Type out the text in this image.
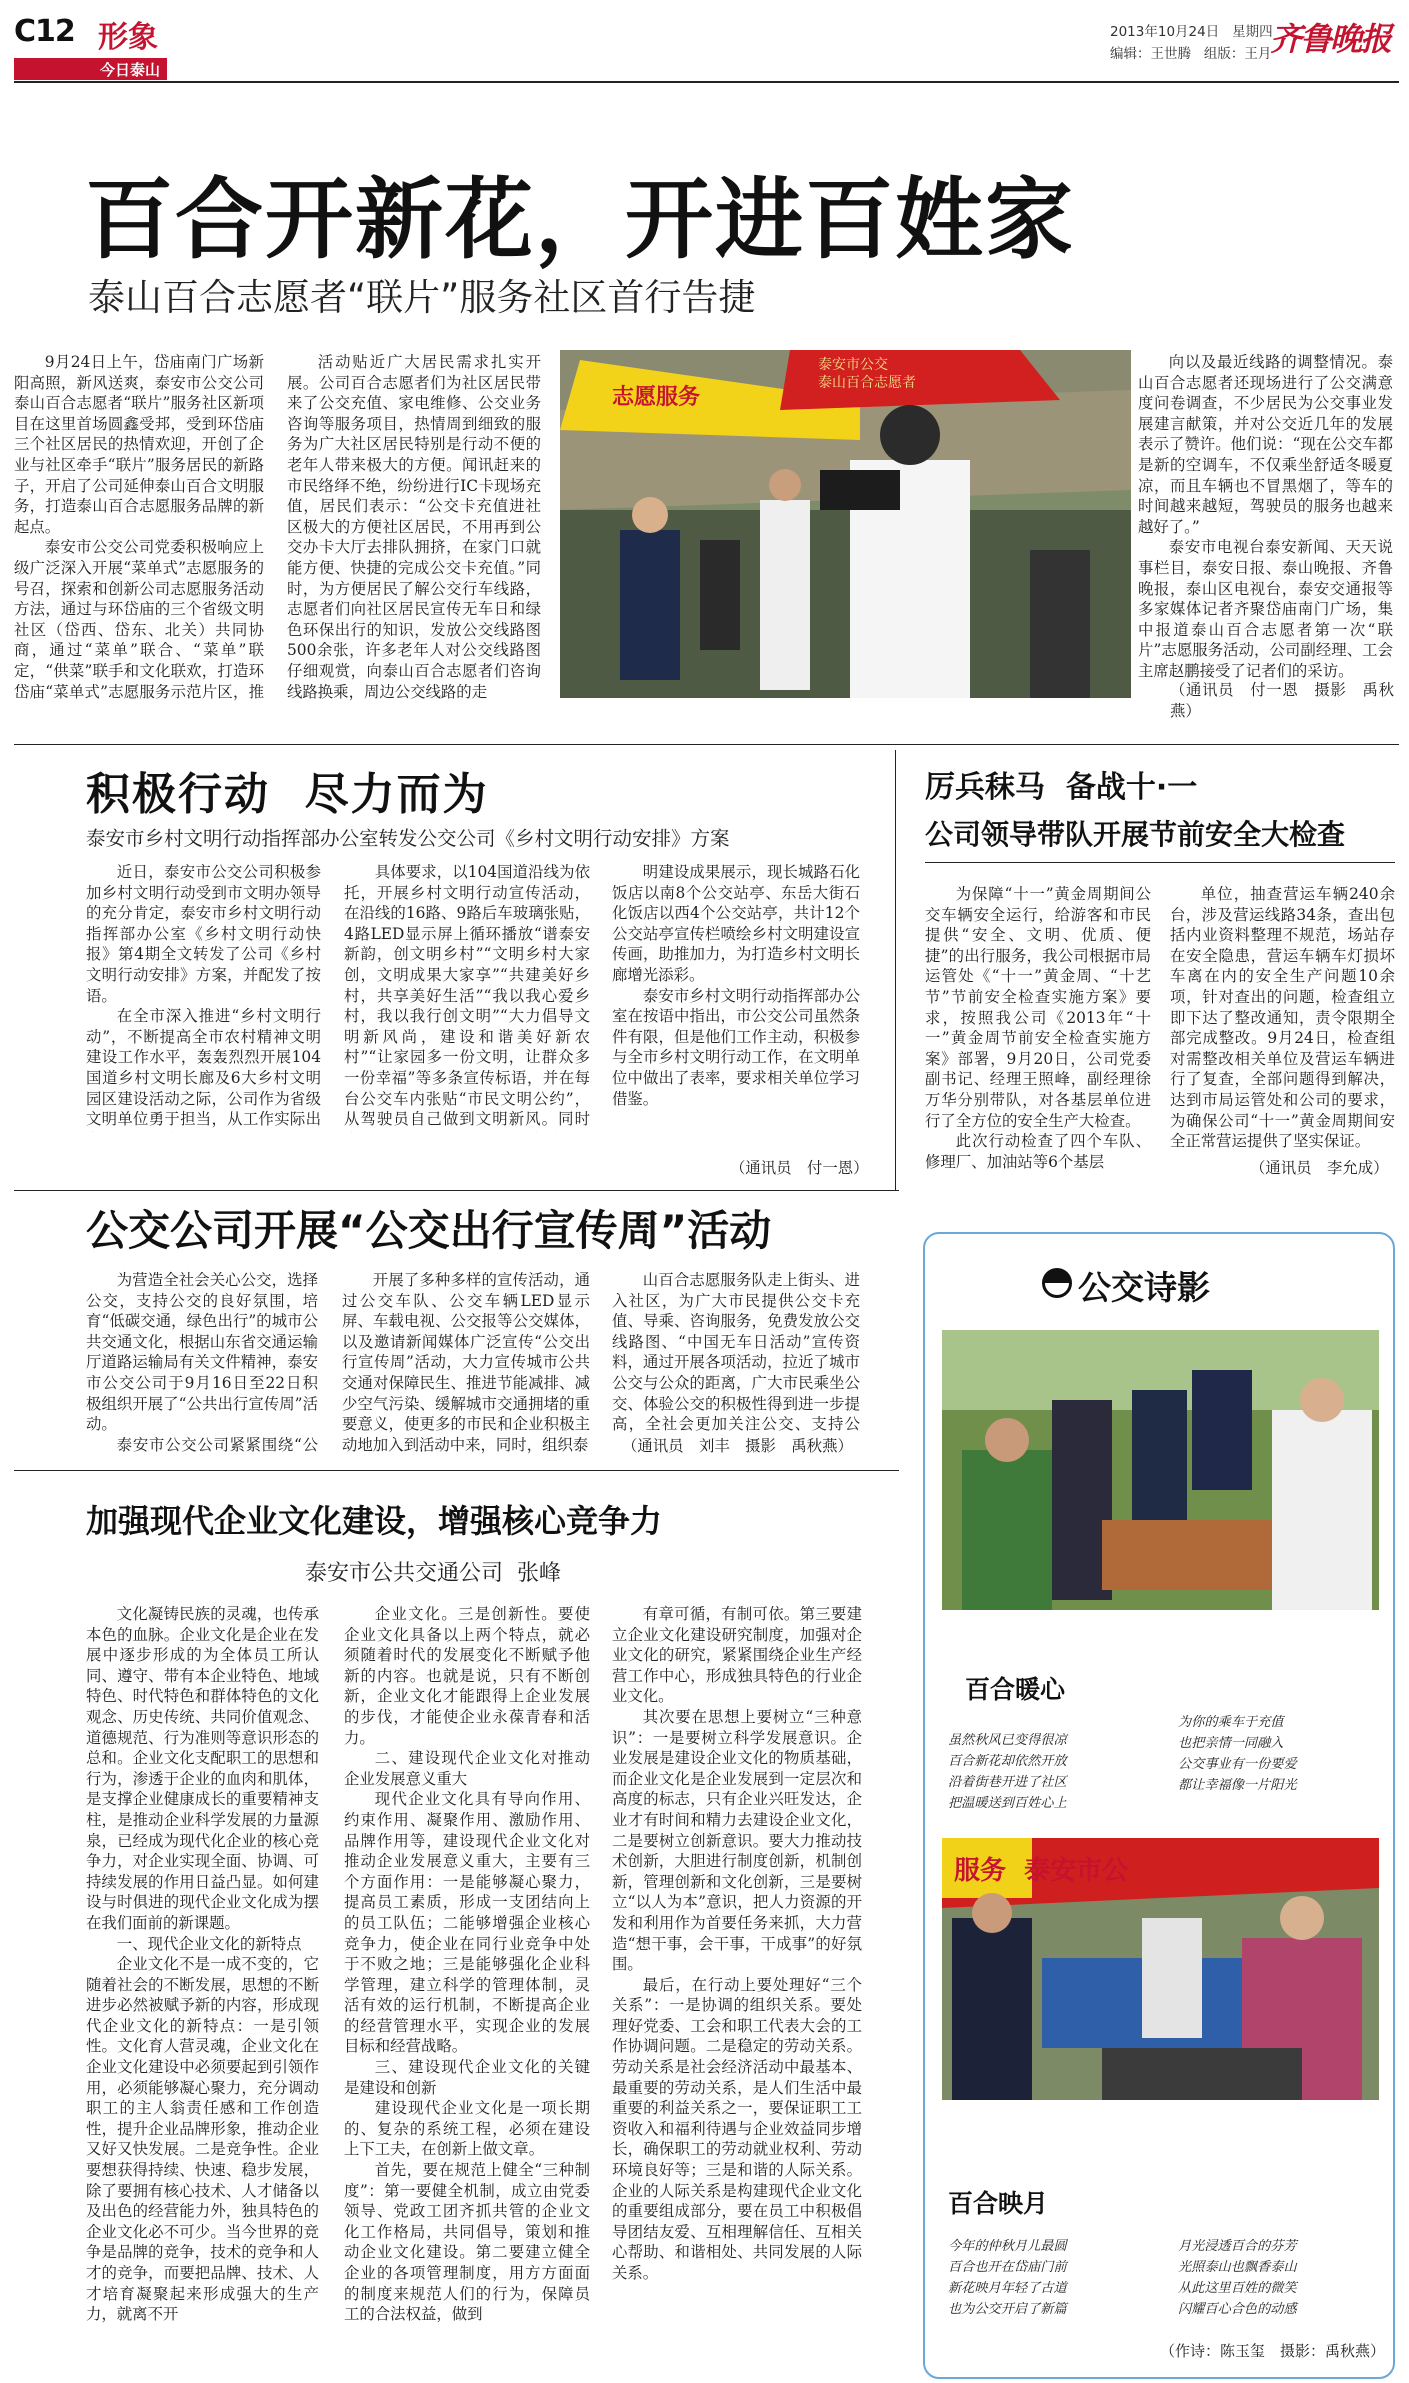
C12 形象
今日泰山
2013年10月24日   星期四
编辑：王世腾   组版：王月
齐鲁晚报
百合开新花，开进百姓家
泰山百合志愿者“联片”服务社区首行告捷

9月24日上午，岱庙南门广场新阳高照，新风送爽，泰安市公交公司泰山百合志愿者“联片”服务社区新项目在这里首场圆鑫受邦，受到环岱庙三个社区居民的热情欢迎，开创了企业与社区牵手“联片”服务居民的新路子，开启了公司延伸泰山百合文明服务，打造泰山百合志愿服务品牌的新起点。

泰安市公交公司党委积极响应上级广泛深入开展“菜单式”志愿服务的号召，探索和创新公司志愿服务活动方法，通过与环岱庙的三个省级文明社区（岱西、岱东、北关）共同协商，通过“菜单”联合、“菜单”联定，“供菜”联手和文化联欢，打造环岱庙“菜单式”志愿服务示范片区，推

活动贴近广大居民需求扎实开展。公司百合志愿者们为社区居民带来了公交充值、家电维修、公交业务咨询等服务项目，热情周到细致的服务为广大社区居民特别是行动不便的老年人带来极大的方便。闻讯赶来的市民络绎不绝，纷纷进行IC卡现场充值，居民们表示：“公交卡充值进社区极大的方便社区居民，不用再到公交办卡大厅去排队拥挤，在家门口就能方便、快捷的完成公交卡充值。”同时，为方便居民了解公交行车线路，志愿者们向社区居民宣传无车日和绿色环保出行的知识，发放公交线路图500余张，许多老年人对公交线路图仔细观赏，向泰山百合志愿者们咨询线路换乘，周边公交线路的走

志愿服务
泰安市公交
泰山百合志愿者

向以及最近线路的调整情况。泰山百合志愿者还现场进行了公交满意度问卷调查，不少居民为公交事业发展建言献策，并对公交近几年的发展表示了赞许。他们说：“现在公交车都是新的空调车，不仅乘坐舒适冬暖夏凉，而且车辆也不冒黑烟了，等车的时间越来越短，驾驶员的服务也越来越好了。”

泰安市电视台泰安新闻、天天说事栏目，泰安日报、泰山晚报、齐鲁晚报，泰山区电视台，泰安交通报等多家媒体记者齐聚岱庙南门广场，集中报道泰山百合志愿者第一次“联片”志愿服务活动，公司副经理、工会主席赵鹏接受了记者们的采访。

（通讯员　付一恩　摄影　禹秋燕）
积极行动  尽力而为
泰安市乡村文明行动指挥部办公室转发公交公司《乡村文明行动安排》方案

近日，泰安市公交公司积极参加乡村文明行动受到市文明办领导的充分肯定，泰安市乡村文明行动指挥部办公室《乡村文明行动快报》第4期全文转发了公司《乡村文明行动安排》方案，并配发了按语。

在全市深入推进“乡村文明行动”，不断提高全市农村精神文明建设工作水平，轰轰烈烈开展104国道乡村文明长廊及6大乡村文明园区建设活动之际，公司作为省级文明单位勇于担当，从工作实际出

具体要求，以104国道沿线为依托，开展乡村文明行动宣传活动，在沿线的16路、9路后车玻璃张贴，4路LED显示屏上循环播放“谱泰安新韵，创文明乡村”“文明乡村大家创，文明成果大家享”“共建美好乡村，共享美好生活”“我以我心爱乡村，我以我行创文明”“大力倡导文明新风尚，建设和谐美好新农村”“让家园多一份文明，让群众多一份幸福”等多条宣传标语，并在每台公交车内张贴“市民文明公约”，从驾驶员自己做到文明新风。同时

明建设成果展示，现长城路石化饭店以南8个公交站亭、东岳大街石化饭店以西4个公交站亭，共计12个公交站亭宣传栏喷绘乡村文明建设宣传画，助推加力，为打造乡村文明长廊增光添彩。

泰安市乡村文明行动指挥部办公室在按语中指出，市公交公司虽然条件有限，但是他们工作主动，积极参与全市乡村文明行动工作，在文明单位中做出了表率，要求相关单位学习借鉴。

（通讯员　付一恩）
厉兵秣马  备战十·一
公司领导带队开展节前安全大检查

为保障“十一”黄金周期间公交车辆安全运行，给游客和市民提供“安全、文明、优质、便捷”的出行服务，我公司根据市局运管处《“十一”黄金周、“十艺节”节前安全检查实施方案》要求，按照我公司《2013年“十一”黄金周节前安全检查实施方案》部署，9月20日，公司党委副书记、经理王照峰，副经理徐万华分别带队，对各基层单位进行了全方位的安全生产大检查。

此次行动检查了四个车队、修理厂、加油站等6个基层

单位，抽查营运车辆240余台，涉及营运线路34条，查出包括内业资料整理不规范，场站存在安全隐患，营运车辆车灯损坏车离在内的安全生产问题10余项，针对查出的问题，检查组立即下达了整改通知，责令限期全部完成整改。9月24日，检查组对需整改相关单位及营运车辆进行了复查，全部问题得到解决，达到市局运管处和公司的要求，为确保公司“十一”黄金周期间安全正常营运提供了坚实保证。

（通讯员　李允成）
公交公司开展“公交出行宣传周”活动

为营造全社会关心公交，选择公交，支持公交的良好氛围，培育“低碳交通，绿色出行”的城市公共交通文化，根据山东省交通运输厅道路运输局有关文件精神，泰安市公交公司于9月16日至22日积极组织开展了“公共出行宣传周”活动。

泰安市公交公司紧紧围绕“公

开展了多种多样的宣传活动，通过公交车队、公交车辆LED显示屏、车载电视、公交报等公交媒体，以及邀请新闻媒体广泛宣传“公交出行宣传周”活动，大力宣传城市公共交通对保障民生、推进节能减排、减少空气污染、缓解城市交通拥堵的重要意义，使更多的市民和企业积极主动地加入到活动中来，同时，组织泰

山百合志愿服务队走上街头、进入社区，为广大市民提供公交卡充值、导乘、咨询服务，免费发放公交线路图、“中国无车日活动”宣传资料，通过开展各项活动，拉近了城市公交与公众的距离，广大市民乘坐公交、体验公交的积极性得到进一步提高，全社会更加关注公交、支持公

（通讯员　刘丰　摄影　禹秋燕）
加强现代企业文化建设，增强核心竞争力
泰安市公共交通公司  张峰

文化凝铸民族的灵魂，也传承本色的血脉。企业文化是企业在发展中逐步形成的为全体员工所认同、遵守、带有本企业特色、地域特色、时代特色和群体特色的文化观念、历史传统、共同价值观念、道德规范、行为准则等意识形态的总和。企业文化支配职工的思想和行为，渗透于企业的血肉和肌体，是支撑企业健康成长的重要精神支柱，是推动企业科学发展的力量源泉，已经成为现代化企业的核心竞争力，对企业实现全面、协调、可持续发展的作用日益凸显。如何建设与时俱进的现代企业文化成为摆在我们面前的新课题。

一、现代企业文化的新特点

企业文化不是一成不变的，它随着社会的不断发展，思想的不断进步必然被赋予新的内容，形成现代企业文化的新特点：一是引领性。文化育人营灵魂，企业文化在企业文化建设中必须要起到引领作用，必须能够凝心聚力，充分调动职工的主人翁责任感和工作创造性，提升企业品牌形象，推动企业又好又快发展。二是竞争性。企业要想获得持续、快速、稳步发展，除了要拥有核心技术、人才储备以及出色的经营能力外，独具特色的企业文化必不可少。当今世界的竞争是品牌的竞争，技术的竞争和人才的竞争，而要把品牌、技术、人才培育凝聚起来形成强大的生产力，就离不开

企业文化。三是创新性。要使企业文化具备以上两个特点，就必须随着时代的发展变化不断赋予他新的内容。也就是说，只有不断创新，企业文化才能跟得上企业发展的步伐，才能使企业永葆青春和活力。

二、建设现代企业文化对推动企业发展意义重大

现代企业文化具有导向作用、约束作用、凝聚作用、激励作用、品牌作用等，建设现代企业文化对推动企业发展意义重大，主要有三个方面作用：一是能够凝心聚力，提高员工素质，形成一支团结向上的员工队伍；二能够增强企业核心竞争力，使企业在同行业竞争中处于不败之地；三是能够强化企业科学管理，建立科学的管理体制，灵活有效的运行机制，不断提高企业的经营管理水平，实现企业的发展目标和经营战略。

三、建设现代企业文化的关键是建设和创新

建设现代企业文化是一项长期的、复杂的系统工程，必须在建设上下工夫，在创新上做文章。

首先，要在规范上健全“三种制度”：第一要健全机制，成立由党委领导、党政工团齐抓共管的企业文化工作格局，共同倡导，策划和推动企业文化建设。第二要建立健全企业的各项管理制度，用方方面面的制度来规范人们的行为，保障员工的合法权益，做到

有章可循，有制可依。第三要建立企业文化建设研究制度，加强对企业文化的研究，紧紧围绕企业生产经营工作中心，形成独具特色的行业企业文化。

其次要在思想上要树立“三种意识”：一是要树立科学发展意识。企业发展是建设企业文化的物质基础，而企业文化是企业发展到一定层次和高度的标志，只有企业兴旺发达，企业才有时间和精力去建设企业文化，二是要树立创新意识。要大力推动技术创新，大胆进行制度创新，机制创新，管理创新和文化创新，三是要树立“以人为本”意识，把人力资源的开发和利用作为首要任务来抓，大力营造“想干事，会干事，干成事”的好氛围。

最后，在行动上要处理好“三个关系”：一是协调的组织关系。要处理好党委、工会和职工代表大会的工作协调问题。二是稳定的劳动关系。劳动关系是社会经济活动中最基本、最重要的劳动关系，是人们生活中最重要的利益关系之一，要保证职工工资收入和福利待遇与企业效益同步增长，确保职工的劳动就业权利、劳动环境良好等；三是和谐的人际关系。企业的人际关系是构建现代企业文化的重要组成部分，要在员工中积极倡导团结友爱、互相理解信任、互相关心帮助、和谐相处、共同发展的人际关系。

公交诗影
百合暖心
虽然秋风已变得很凉
百合新花却依然开放
沿着街巷开进了社区
把温暖送到百姓心上
为你的乘车于充值
也把亲情一同融入
公交事业有一份要爱
都让幸福像一片阳光
服务  泰安市公
百合映月
今年的仲秋月儿最圆
百合也开在岱庙门前
新花映月年轻了古道
也为公交开启了新篇
月光浸透百合的芬芳
光照泰山也飘香泰山
从此这里百姓的微笑
闪耀百心合色的动感
（作诗：陈玉玺　摄影：禹秋燕）
